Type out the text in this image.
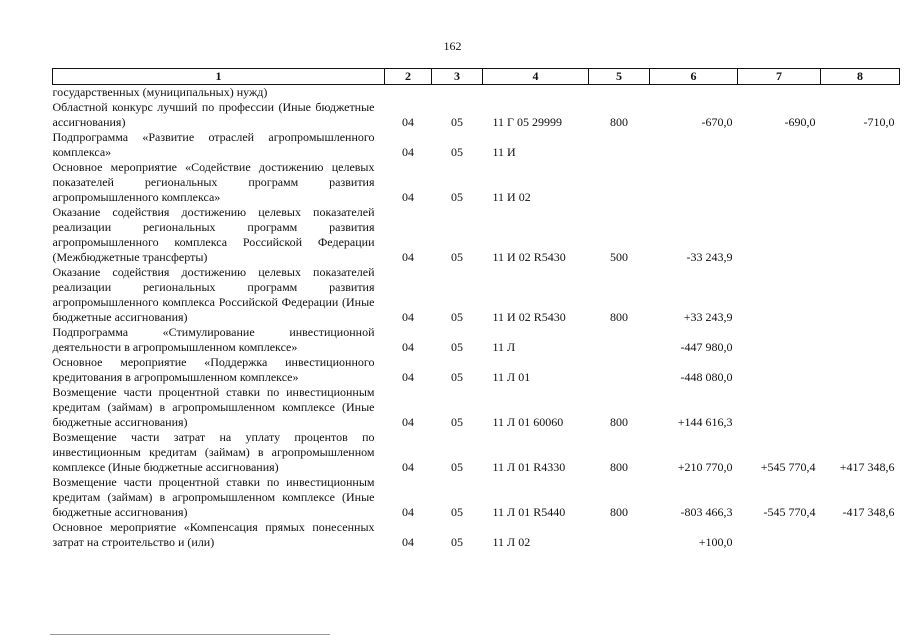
162
1	2	3	4	5	6	7	8
государственных (муниципальных) нужд)							
Областной конкурс лучший по профессии (Иные бюджетные ассигнования)	04	05	11 Г 05 29999	800	-670,0	-690,0	-710,0
Подпрограмма «Развитие отраслей агропромышленного комплекса»	04	05	11 И				
Основное мероприятие «Содействие достижению целевых показателей региональных программ развития агропромышленного комплекса»	04	05	11 И 02				
Оказание содействия достижению целевых показателей реализации региональных программ развития агропромышленного комплекса Российской Федерации (Межбюджетные трансферты)	04	05	11 И 02 R5430	500	-33 243,9		
Оказание содействия достижению целевых показателей реализации региональных программ развития агропромышленного комплекса Российской Федерации (Иные бюджетные ассигнования)	04	05	11 И 02 R5430	800	+33 243,9		
Подпрограмма «Стимулирование инвестиционной деятельности в агропромышленном комплексе»	04	05	11 Л		-447 980,0		
Основное мероприятие «Поддержка инвестиционного кредитования в агропромышленном комплексе»	04	05	11 Л 01		-448 080,0		
Возмещение части процентной ставки по инвестиционным кредитам (займам) в агропромышленном комплексе (Иные бюджетные ассигнования)	04	05	11 Л 01 60060	800	+144 616,3		
Возмещение части затрат на уплату процентов по инвестиционным кредитам (займам) в агропромышленном комплексе (Иные бюджетные ассигнования)	04	05	11 Л 01 R4330	800	+210 770,0	+545 770,4	+417 348,6
Возмещение части процентной ставки по инвестиционным кредитам (займам) в агропромышленном комплексе (Иные бюджетные ассигнования)	04	05	11 Л 01 R5440	800	-803 466,3	-545 770,4	-417 348,6
Основное мероприятие «Компенсация прямых понесенных затрат на строительство и (или)	04	05	11 Л 02		+100,0		
